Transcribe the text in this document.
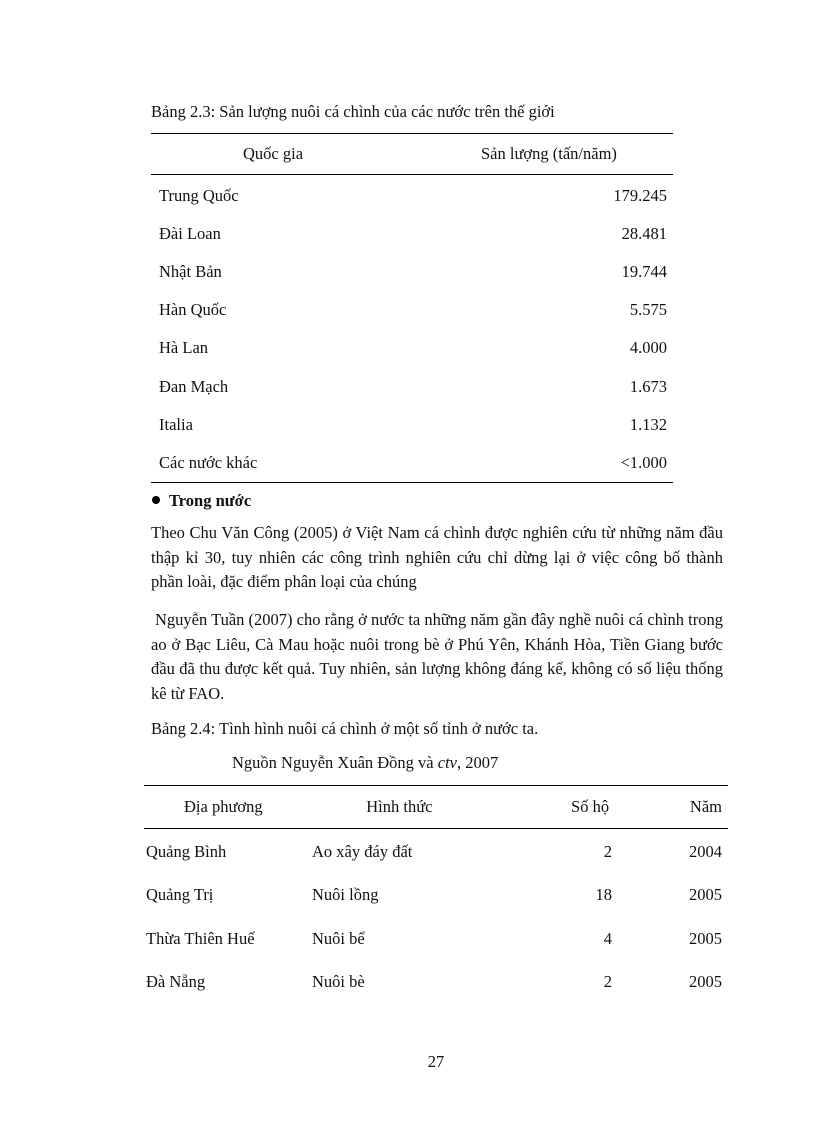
Bảng 2.3: Sản lượng nuôi cá chình của các nước trên thế giới
Quốc gia	Sản lượng (tấn/năm)
Trung Quốc	179.245
Đài Loan	28.481
Nhật Bản	19.744
Hàn Quốc	5.575
Hà Lan	4.000
Đan Mạch	1.673
Italia	1.132
Các nước khác	<1.000
Trong nước

Theo Chu Văn Công (2005) ở Việt Nam cá chình được nghiên cứu từ những năm đầu thập kỉ 30, tuy nhiên các công trình nghiên cứu chỉ dừng lại ở việc công bố thành phần loài, đặc điểm phân loại của chúng

Nguyễn Tuần (2007) cho rằng ở nước ta những năm gần đây nghề nuôi cá chình trong ao ở Bạc Liêu, Cà Mau hoặc nuôi trong bè ở Phú Yên, Khánh Hòa, Tiền Giang bước đầu đã thu được kết quả. Tuy nhiên, sản lượng không đáng kể, không có số liệu thống kê từ FAO.

Bảng 2.4: Tình hình nuôi cá chình ở một số tỉnh ở nước ta.
Nguồn Nguyễn Xuân Đồng và ctv, 2007
Địa phương	Hình thức	Số hộ	Năm
Quảng Bình	Ao xây đáy đất	2	2004
Quảng Trị	Nuôi lồng	18	2005
Thừa Thiên Huế	Nuôi bể	4	2005
Đà Nẵng	Nuôi bè	2	2005
27
